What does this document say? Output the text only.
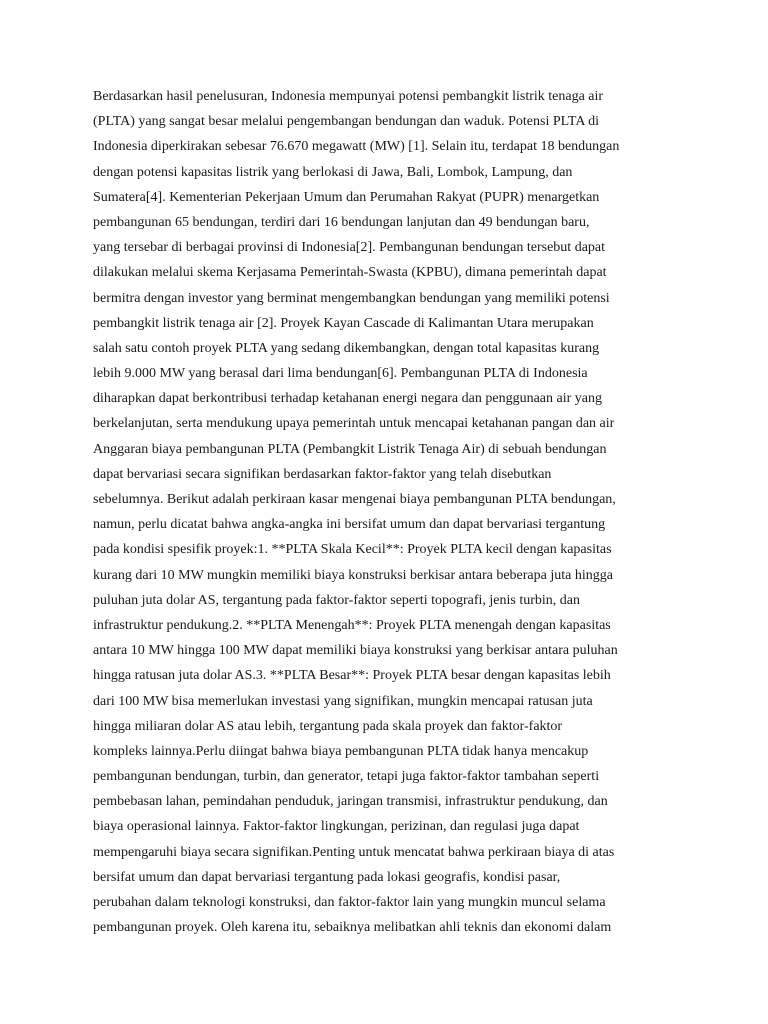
Berdasarkan hasil penelusuran, Indonesia mempunyai potensi pembangkit listrik tenaga air

(PLTA) yang sangat besar melalui pengembangan bendungan dan waduk. Potensi PLTA di

Indonesia diperkirakan sebesar 76.670 megawatt (MW) [1]. Selain itu, terdapat 18 bendungan

dengan potensi kapasitas listrik yang berlokasi di Jawa, Bali, Lombok, Lampung, dan

Sumatera[4]. Kementerian Pekerjaan Umum dan Perumahan Rakyat (PUPR) menargetkan

pembangunan 65 bendungan, terdiri dari 16 bendungan lanjutan dan 49 bendungan baru,

yang tersebar di berbagai provinsi di Indonesia[2]. Pembangunan bendungan tersebut dapat

dilakukan melalui skema Kerjasama Pemerintah-Swasta (KPBU), dimana pemerintah dapat

bermitra dengan investor yang berminat mengembangkan bendungan yang memiliki potensi

pembangkit listrik tenaga air [2]. Proyek Kayan Cascade di Kalimantan Utara merupakan

salah satu contoh proyek PLTA yang sedang dikembangkan, dengan total kapasitas kurang

lebih 9.000 MW yang berasal dari lima bendungan[6]. Pembangunan PLTA di Indonesia

diharapkan dapat berkontribusi terhadap ketahanan energi negara dan penggunaan air yang

berkelanjutan, serta mendukung upaya pemerintah untuk mencapai ketahanan pangan dan air

Anggaran biaya pembangunan PLTA (Pembangkit Listrik Tenaga Air) di sebuah bendungan

dapat bervariasi secara signifikan berdasarkan faktor-faktor yang telah disebutkan

sebelumnya. Berikut adalah perkiraan kasar mengenai biaya pembangunan PLTA bendungan,

namun, perlu dicatat bahwa angka-angka ini bersifat umum dan dapat bervariasi tergantung

pada kondisi spesifik proyek:1. **PLTA Skala Kecil**: Proyek PLTA kecil dengan kapasitas

kurang dari 10 MW mungkin memiliki biaya konstruksi berkisar antara beberapa juta hingga

puluhan juta dolar AS, tergantung pada faktor-faktor seperti topografi, jenis turbin, dan

infrastruktur pendukung.2. **PLTA Menengah**: Proyek PLTA menengah dengan kapasitas

antara 10 MW hingga 100 MW dapat memiliki biaya konstruksi yang berkisar antara puluhan

hingga ratusan juta dolar AS.3. **PLTA Besar**: Proyek PLTA besar dengan kapasitas lebih

dari 100 MW bisa memerlukan investasi yang signifikan, mungkin mencapai ratusan juta

hingga miliaran dolar AS atau lebih, tergantung pada skala proyek dan faktor-faktor

kompleks lainnya.Perlu diingat bahwa biaya pembangunan PLTA tidak hanya mencakup

pembangunan bendungan, turbin, dan generator, tetapi juga faktor-faktor tambahan seperti

pembebasan lahan, pemindahan penduduk, jaringan transmisi, infrastruktur pendukung, dan

biaya operasional lainnya. Faktor-faktor lingkungan, perizinan, dan regulasi juga dapat

mempengaruhi biaya secara signifikan.Penting untuk mencatat bahwa perkiraan biaya di atas

bersifat umum dan dapat bervariasi tergantung pada lokasi geografis, kondisi pasar,

perubahan dalam teknologi konstruksi, dan faktor-faktor lain yang mungkin muncul selama

pembangunan proyek. Oleh karena itu, sebaiknya melibatkan ahli teknis dan ekonomi dalam
